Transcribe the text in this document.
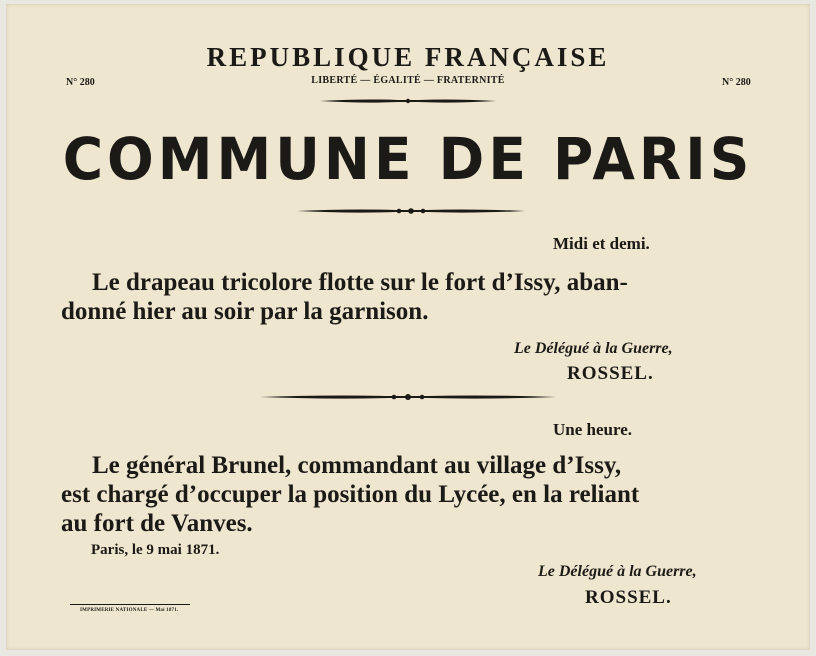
REPUBLIQUE FRANÇAISE
N° 280	LIBERTÉ — ÉGALITÉ — FRATERNITÉ	N° 280
COMMUNE DE PARIS
Midi et demi.
Le drapeau tricolore flotte sur le fort d’Issy, aban-
donné hier au soir par la garnison.
Le Délégué à la Guerre,
ROSSEL.
Une heure.
Le général Brunel, commandant au village d’Issy,
est chargé d’occuper la position du Lycée, en la reliant
au fort de Vanves.
Paris, le 9 mai 1871.
Le Délégué à la Guerre,
ROSSEL.
IMPRIMERIE NATIONALE — Mai 1871.
